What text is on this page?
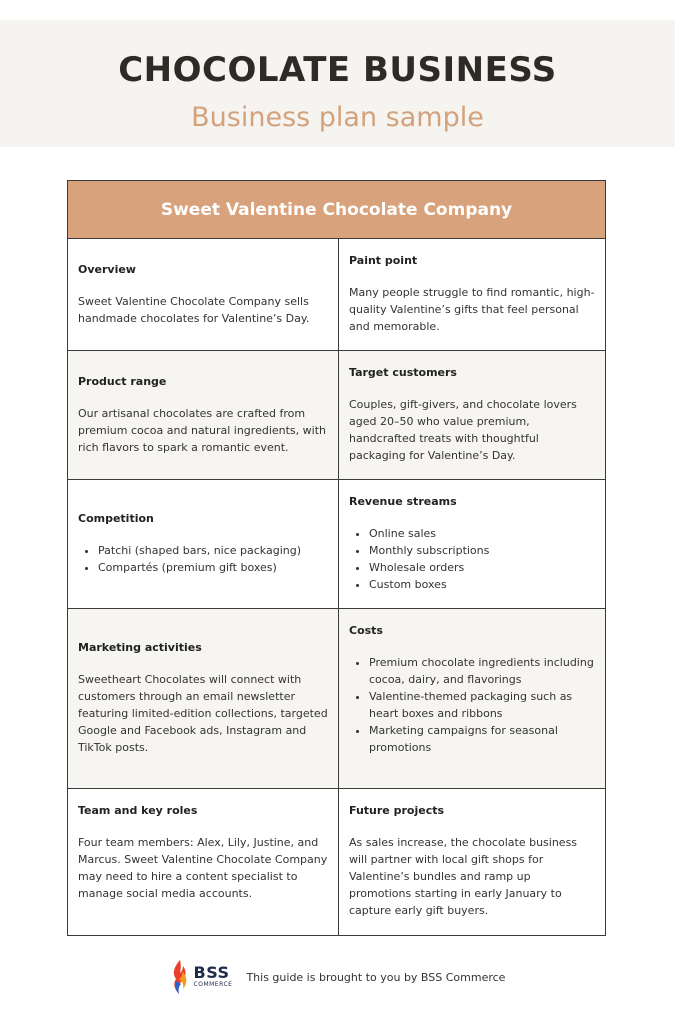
CHOCOLATE BUSINESS
Business plan sample
Sweet Valentine Chocolate Company
Overview
Sweet Valentine Chocolate Company sells handmade chocolates for Valentine’s Day.
Paint point
Many people struggle to find romantic, high-quality Valentine’s gifts that feel personal and memorable.
Product range
Our artisanal chocolates are crafted from premium cocoa and natural ingredients, with rich flavors to spark a romantic event.
Target customers
Couples, gift-givers, and chocolate lovers aged 20–50 who value premium, handcrafted treats with thoughtful packaging for Valentine’s Day.
Competition
• Patchi (shaped bars, nice packaging)
• Compartés (premium gift boxes)
Revenue streams
• Online sales
• Monthly subscriptions
• Wholesale orders
• Custom boxes
Marketing activities
Sweetheart Chocolates will connect with customers through an email newsletter featuring limited-edition collections, targeted Google and Facebook ads, Instagram and TikTok posts.
Costs
• Premium chocolate ingredients including cocoa, dairy, and flavorings
• Valentine-themed packaging such as heart boxes and ribbons
• Marketing campaigns for seasonal promotions
Team and key roles
Four team members: Alex, Lily, Justine, and Marcus. Sweet Valentine Chocolate Company may need to hire a content specialist to manage social media accounts.
Future projects
As sales increase, the chocolate business will partner with local gift shops for Valentine’s bundles and ramp up promotions starting in early January to capture early gift buyers.
BSS
COMMERCE
This guide is brought to you by BSS Commerce
